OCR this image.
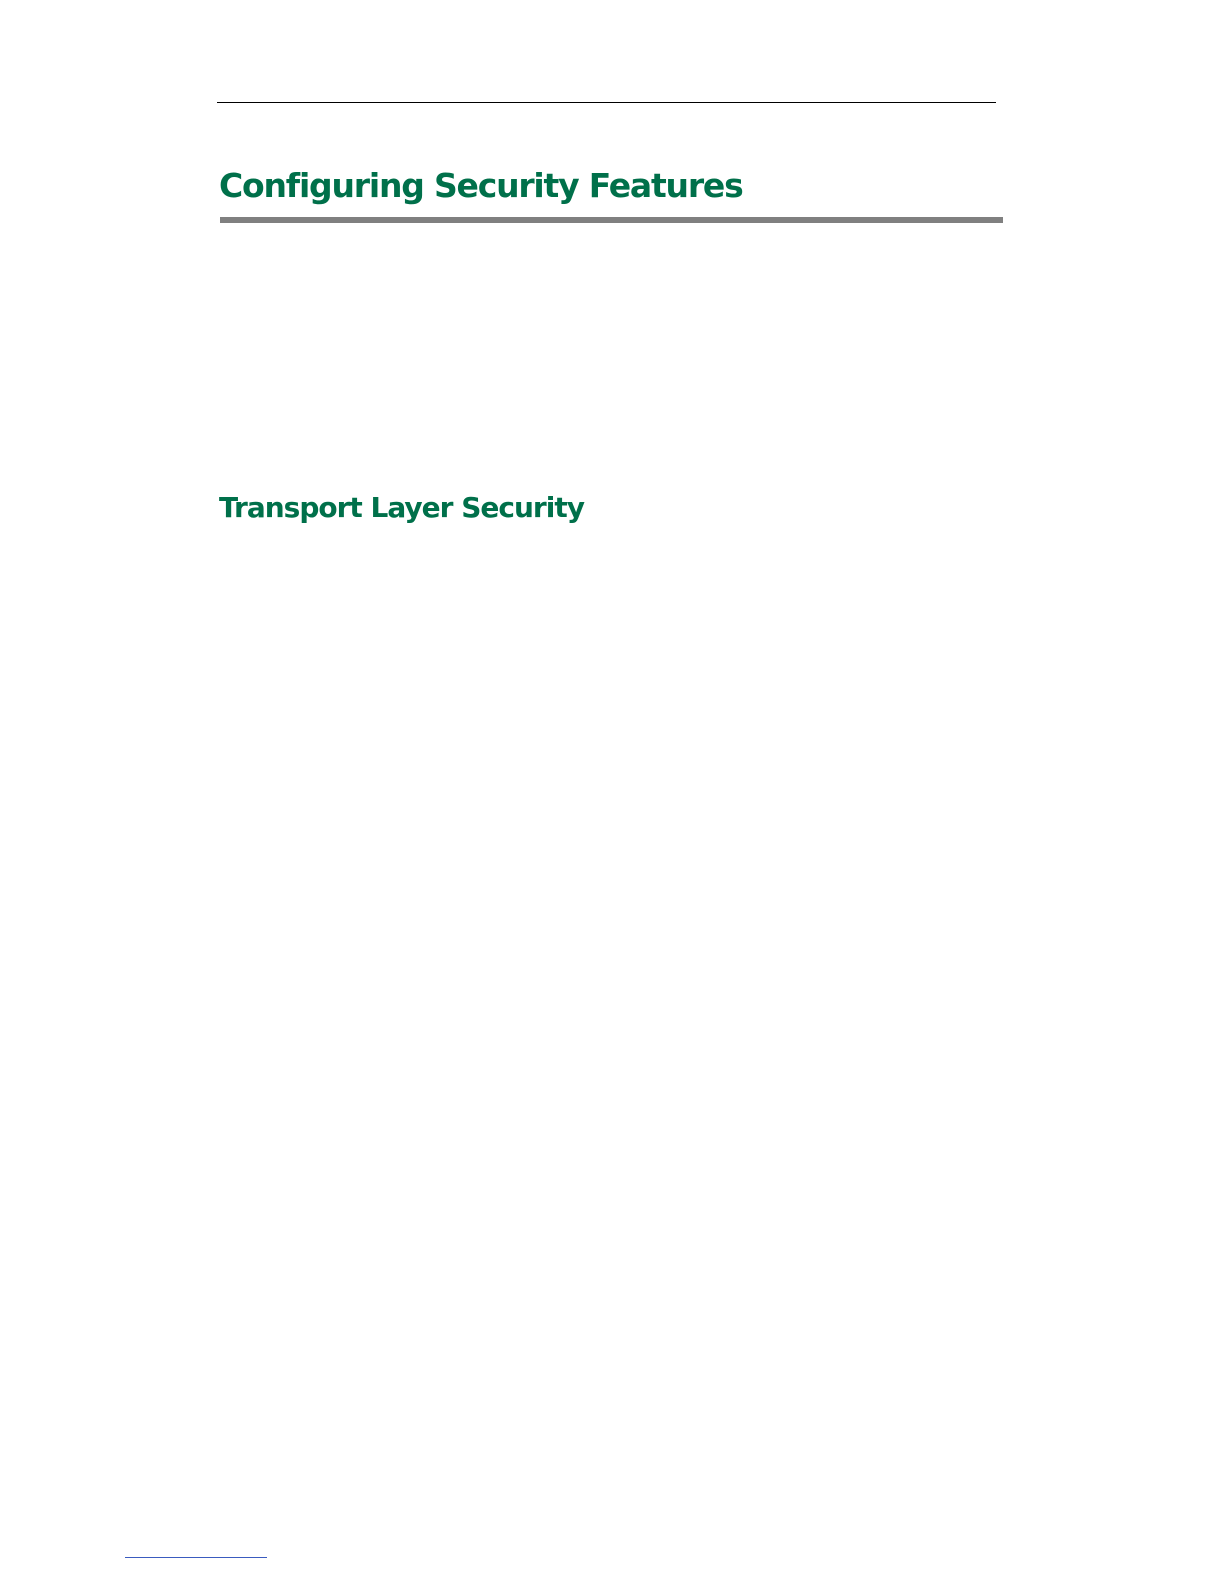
Configuring Security Features
Transport Layer Security
